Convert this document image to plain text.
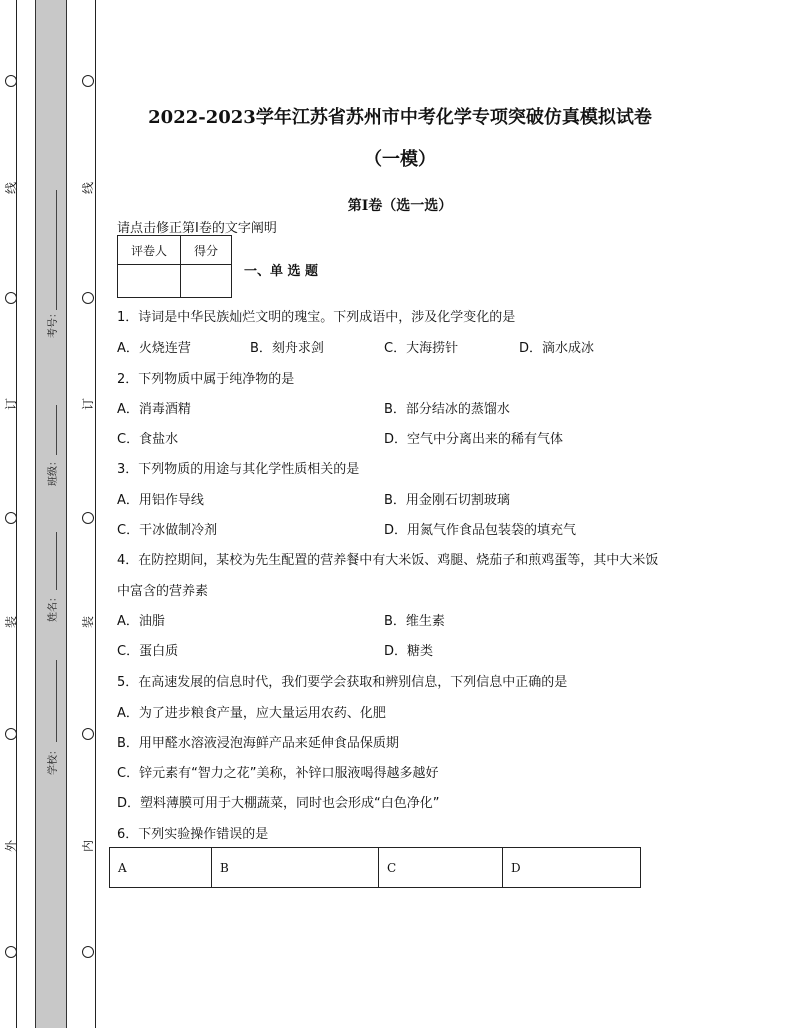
线
订
装
外
线
订
装
内
考号：
班级：
姓名：
学校：
2022-2023学年江苏省苏州市中考化学专项突破仿真模拟试卷
（一模）
第I卷（选一选）
请点击修正第I卷的文字阐明
评卷人	得分

一、单 选 题
1．诗词是中华民族灿烂文明的瑰宝。下列成语中，涉及化学变化的是
A．火烧连营	B．刻舟求剑	C．大海捞针	D．滴水成冰
2．下列物质中属于纯净物的是
A．消毒酒精	B．部分结冰的蒸馏水
C．食盐水	D．空气中分离出来的稀有气体
3．下列物质的用途与其化学性质相关的是
A．用铝作导线	B．用金刚石切割玻璃
C．干冰做制冷剂	D．用氮气作食品包装袋的填充气
4．在防控期间，某校为先生配置的营养餐中有大米饭、鸡腿、烧茄子和煎鸡蛋等，其中大米饭
中富含的营养素
A．油脂	B．维生素
C．蛋白质	D．糖类
5．在高速发展的信息时代，我们要学会获取和辨别信息，下列信息中正确的是
A．为了进步粮食产量，应大量运用农药、化肥
B．用甲醛水溶液浸泡海鲜产品来延伸食品保质期
C．锌元素有“智力之花”美称，补锌口服液喝得越多越好
D．塑料薄膜可用于大棚蔬菜，同时也会形成“白色净化”
6．下列实验操作错误的是
A	B	C	D
